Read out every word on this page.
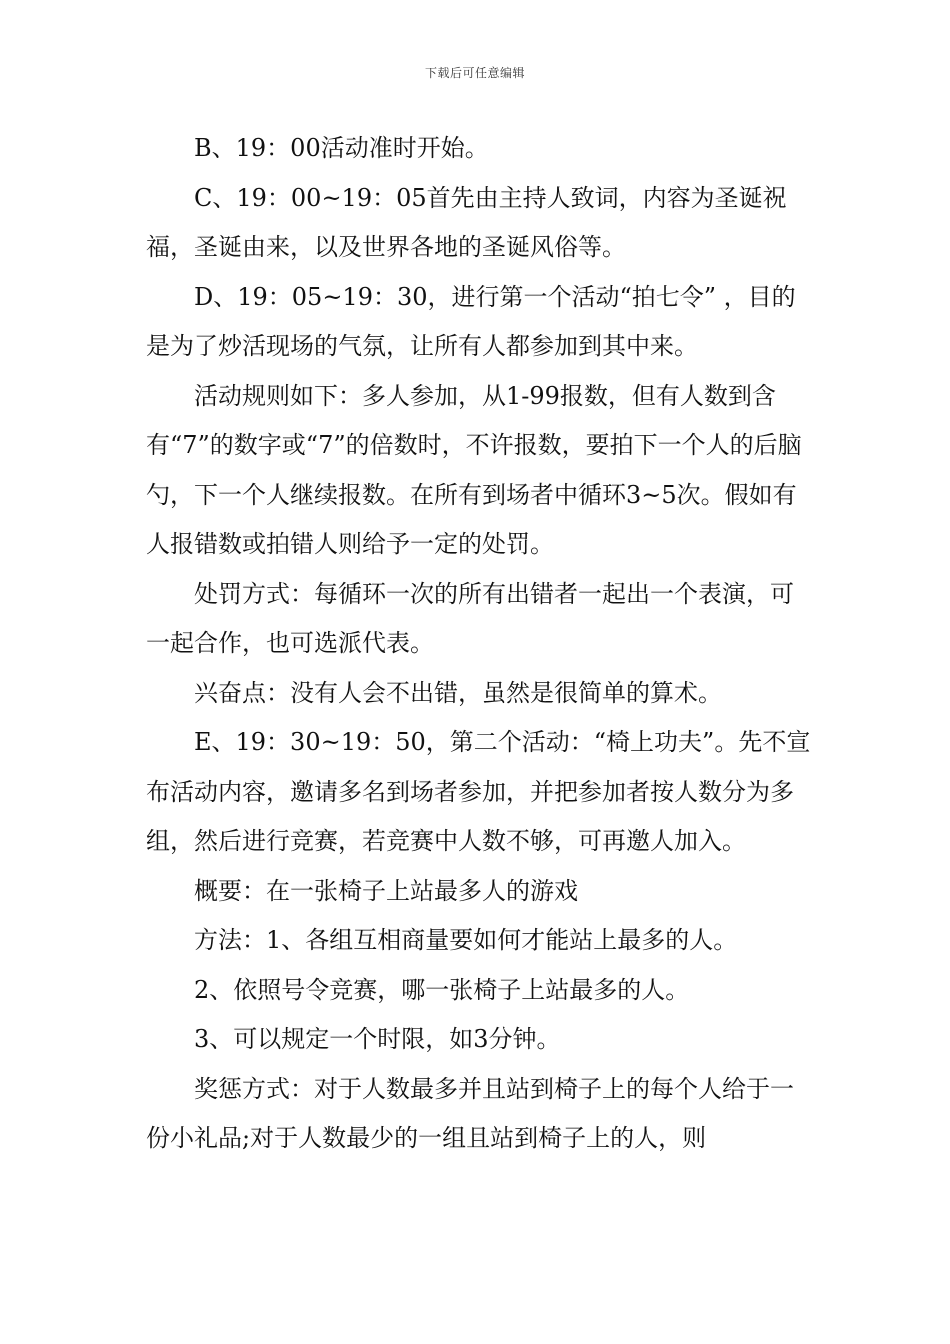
下载后可任意编辑

B、19：00活动准时开始。

C、19：00~19：05首先由主持人致词，内容为圣诞祝福，圣诞由来，以及世界各地的圣诞风俗等。

D、19：05~19：30，进行第一个活动“拍七令” ，目的是为了炒活现场的气氛，让所有人都参加到其中来。

活动规则如下：多人参加，从1-99报数，但有人数到含有“7”的数字或“7”的倍数时，不许报数，要拍下一个人的后脑勺，下一个人继续报数。在所有到场者中循环3~5次。假如有人报错数或拍错人则给予一定的处罚。

处罚方式：每循环一次的所有出错者一起出一个表演，可一起合作，也可选派代表。

兴奋点：没有人会不出错，虽然是很简单的算术。

E、19：30~19：50，第二个活动：“椅上功夫”。先不宣布活动内容，邀请多名到场者参加，并把参加者按人数分为多组，然后进行竞赛，若竞赛中人数不够，可再邀人加入。

概要：在一张椅子上站最多人的游戏

方法：1、各组互相商量要如何才能站上最多的人。

2、依照号令竞赛，哪一张椅子上站最多的人。

3、可以规定一个时限，如3分钟。

奖惩方式：对于人数最多并且站到椅子上的每个人给于一份小礼品;对于人数最少的一组且站到椅子上的人，则
